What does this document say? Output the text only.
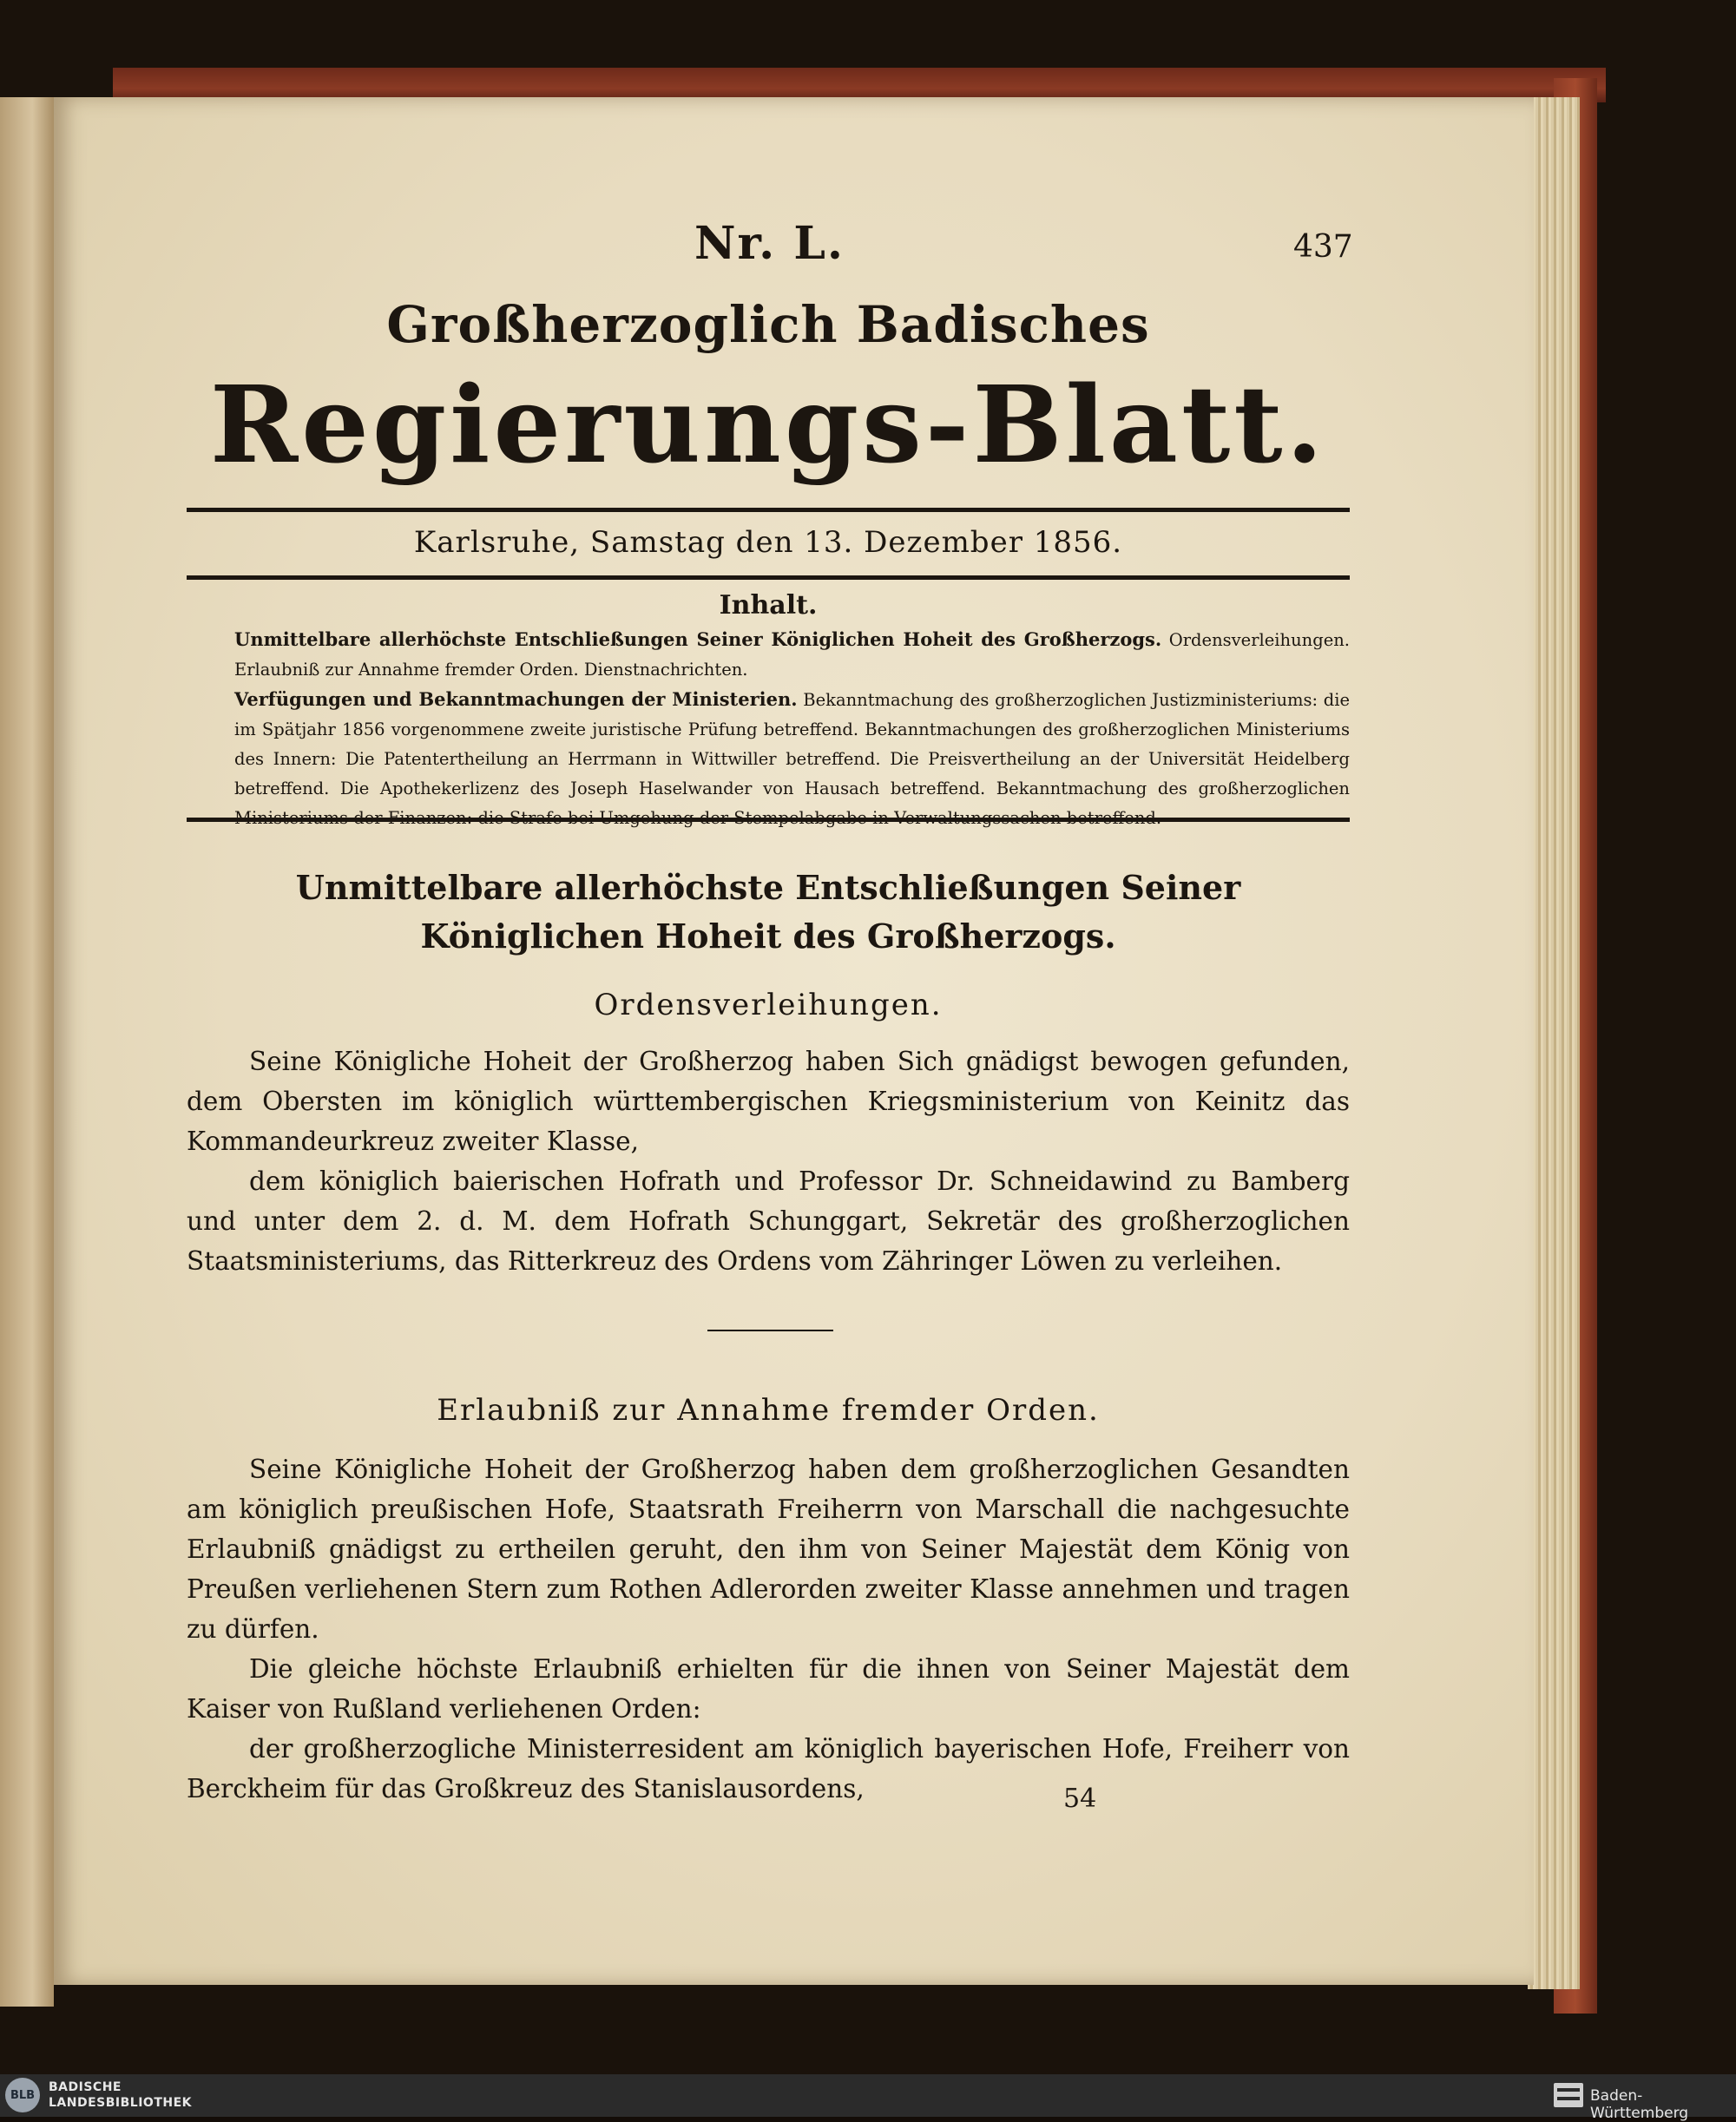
Nr. L.	437
Großherzoglich Badisches
Regierungs-Blatt.
Karlsruhe, Samstag den 13. Dezember 1856.
Inhalt.

Unmittelbare allerhöchste Entschließungen Seiner Königlichen Hoheit des Großherzogs. Ordensverleihungen. Erlaubniß zur Annahme fremder Orden. Dienstnachrichten.

Verfügungen und Bekanntmachungen der Ministerien. Bekanntmachung des großherzoglichen Justizministeriums: die im Spätjahr 1856 vorgenommene zweite juristische Prüfung betreffend. Bekanntmachungen des großherzoglichen Ministeriums des Innern: Die Patentertheilung an Herrmann in Wittwiller betreffend. Die Preisvertheilung an der Universität Heidelberg betreffend. Die Apothekerlizenz des Joseph Haselwander von Hausach betreffend. Bekanntmachung des großherzoglichen

Unmittelbare allerhöchste Entschließungen Seiner Königlichen Hoheit des Großherzogs.
Ordensverleihungen.

Seine Königliche Hoheit der Großherzog haben Sich gnädigst bewogen gefunden, dem Obersten im königlich württembergischen Kriegsministerium von Keinitz das Kommandeurkreuz zweiter Klasse,

dem königlich baierischen Hofrath und Professor Dr. Schneidawind zu Bamberg und unter dem 2. d. M. dem Hofrath Schunggart, Sekretär des großherzoglichen Staatsministeriums, das Ritterkreuz des Ordens vom Zähringer Löwen zu verleihen.

Erlaubniß zur Annahme fremder Orden.

Seine Königliche Hoheit der Großherzog haben dem großherzoglichen Gesandten am königlich preußischen Hofe, Staatsrath Freiherrn von Marschall die nachgesuchte Erlaubniß gnädigst zu ertheilen geruht, den ihm von Seiner Majestät dem König von Preußen verliehenen Stern zum Rothen Adlerorden zweiter Klasse annehmen und tragen zu dürfen.

Die gleiche höchste Erlaubniß erhielten für die ihnen von Seiner Majestät dem Kaiser von Rußland verliehenen Orden:

der großherzogliche Ministerresident am königlich bayerischen Hofe, Freiherr von Berckheim für das Großkreuz des Stanislausordens,	54
BLB
BADISCHE
LANDESBIBLIOTHEK	Baden-Württemberg
